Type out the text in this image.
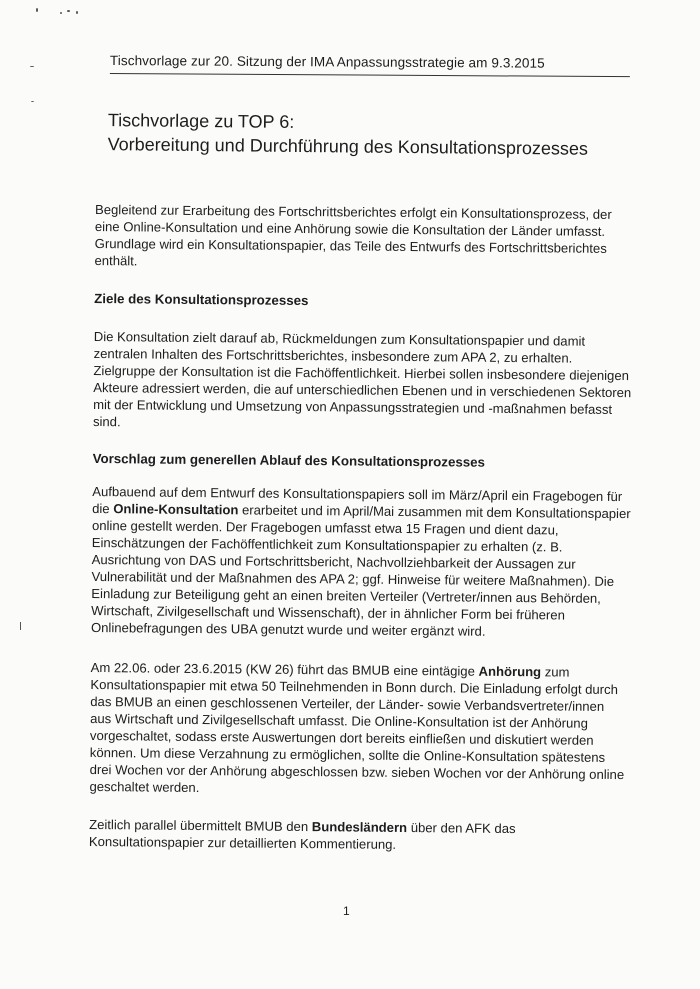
Tischvorlage zur 20. Sitzung der IMA Anpassungsstrategie am 9.3.2015
Tischvorlage zu TOP 6:
Vorbereitung und Durchführung des Konsultationsprozesses

Begleitend zur Erarbeitung des Fortschrittsberichtes erfolgt ein Konsultationsprozess, der
eine Online-Konsultation und eine Anhörung sowie die Konsultation der Länder umfasst.
Grundlage wird ein Konsultationspapier, das Teile des Entwurfs des Fortschrittsberichtes
enthält.

Ziele des Konsultationsprozesses

Die Konsultation zielt darauf ab, Rückmeldungen zum Konsultationspapier und damit
zentralen Inhalten des Fortschrittsberichtes, insbesondere zum APA 2, zu erhalten.
Zielgruppe der Konsultation ist die Fachöffentlichkeit. Hierbei sollen insbesondere diejenigen
Akteure adressiert werden, die auf unterschiedlichen Ebenen und in verschiedenen Sektoren
mit der Entwicklung und Umsetzung von Anpassungsstrategien und -maßnahmen befasst
sind.

Vorschlag zum generellen Ablauf des Konsultationsprozesses

Aufbauend auf dem Entwurf des Konsultationspapiers soll im März/April ein Fragebogen für
die Online-Konsultation erarbeitet und im April/Mai zusammen mit dem Konsultationspapier
online gestellt werden. Der Fragebogen umfasst etwa 15 Fragen und dient dazu,
Einschätzungen der Fachöffentlichkeit zum Konsultationspapier zu erhalten (z. B.
Ausrichtung von DAS und Fortschrittsbericht, Nachvollziehbarkeit der Aussagen zur
Vulnerabilität und der Maßnahmen des APA 2; ggf. Hinweise für weitere Maßnahmen). Die
Einladung zur Beteiligung geht an einen breiten Verteiler (Vertreter/innen aus Behörden,
Wirtschaft, Zivilgesellschaft und Wissenschaft), der in ähnlicher Form bei früheren
Onlinebefragungen des UBA genutzt wurde und weiter ergänzt wird.

Am 22.06. oder 23.6.2015 (KW 26) führt das BMUB eine eintägige Anhörung zum
Konsultationspapier mit etwa 50 Teilnehmenden in Bonn durch. Die Einladung erfolgt durch
das BMUB an einen geschlossenen Verteiler, der Länder- sowie Verbandsvertreter/innen
aus Wirtschaft und Zivilgesellschaft umfasst. Die Online-Konsultation ist der Anhörung
vorgeschaltet, sodass erste Auswertungen dort bereits einfließen und diskutiert werden
können. Um diese Verzahnung zu ermöglichen, sollte die Online-Konsultation spätestens
drei Wochen vor der Anhörung abgeschlossen bzw. sieben Wochen vor der Anhörung online
geschaltet werden.

Zeitlich parallel übermittelt BMUB den Bundesländern über den AFK das
Konsultationspapier zur detaillierten Kommentierung.

1
